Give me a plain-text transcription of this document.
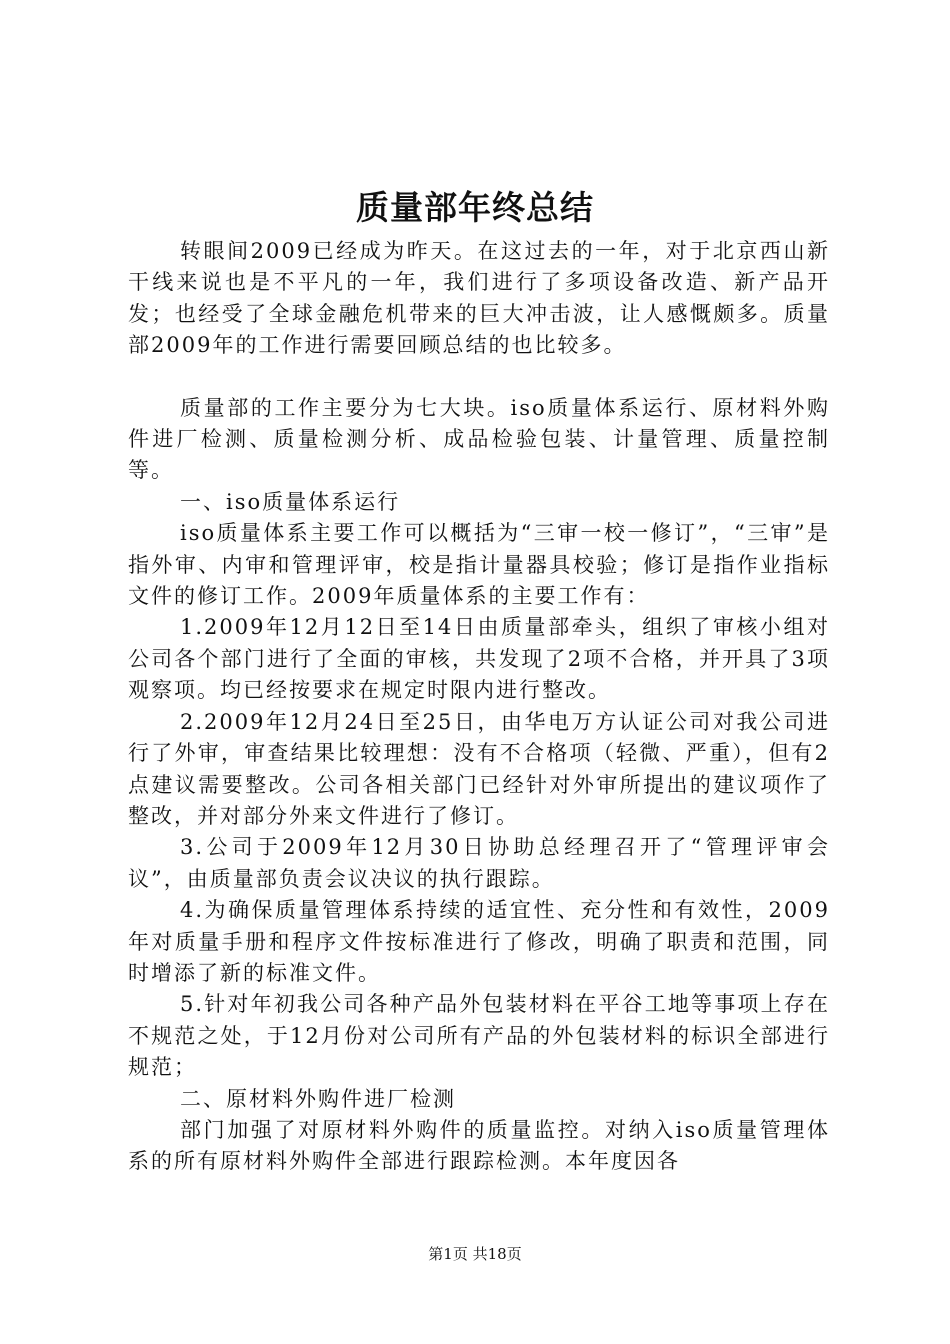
质量部年终总结

转眼间2009已经成为昨天。在这过去的一年，对于北京西山新干线来说也是不平凡的一年，我们进行了多项设备改造、新产品开发；也经受了全球金融危机带来的巨大冲击波，让人感慨颇多。质量部2009年的工作进行需要回顾总结的也比较多。

质量部的工作主要分为七大块。iso质量体系运行、原材料外购件进厂检测、质量检测分析、成品检验包装、计量管理、质量控制等。

一、iso质量体系运行

iso质量体系主要工作可以概括为“三审一校一修订”，“三审”是指外审、内审和管理评审，校是指计量器具校验；修订是指作业指标文件的修订工作。2009年质量体系的主要工作有：

1.2009年12月12日至14日由质量部牵头，组织了审核小组对公司各个部门进行了全面的审核，共发现了2项不合格，并开具了3项观察项。均已经按要求在规定时限内进行整改。

2.2009年12月24日至25日，由华电万方认证公司对我公司进行了外审，审查结果比较理想：没有不合格项（轻微、严重），但有2点建议需要整改。公司各相关部门已经针对外审所提出的建议项作了整改，并对部分外来文件进行了修订。

3.公司于2009年12月30日协助总经理召开了“管理评审会议”，由质量部负责会议决议的执行跟踪。

4.为确保质量管理体系持续的适宜性、充分性和有效性，2009年对质量手册和程序文件按标准进行了修改，明确了职责和范围，同时增添了新的标准文件。

5.针对年初我公司各种产品外包装材料在平谷工地等事项上存在不规范之处，于12月份对公司所有产品的外包装材料的标识全部进行规范；

二、原材料外购件进厂检测

部门加强了对原材料外购件的质量监控。对纳入iso质量管理体系的所有原材料外购件全部进行跟踪检测。本年度因各

第1页 共18页
